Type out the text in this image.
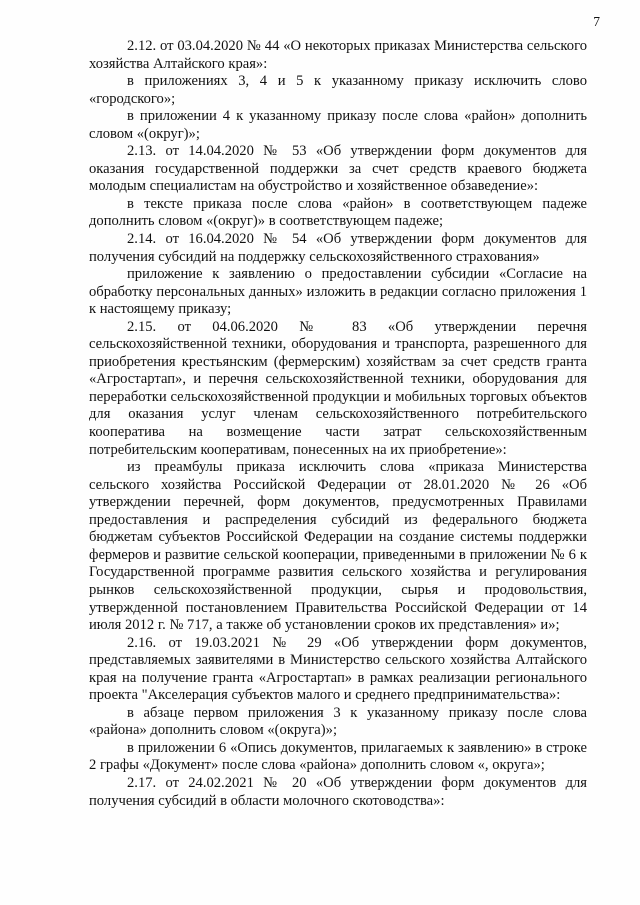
7

2.12. от 03.04.2020 № 44 «О некоторых приказах Министерства сельского хозяйства Алтайского края»:

в приложениях 3, 4 и 5 к указанному приказу исключить слово «городского»;

в приложении 4 к указанному приказу после слова «район» дополнить словом «(округ)»;

2.13. от 14.04.2020 № 53 «Об утверждении форм документов для оказания государственной поддержки за счет средств краевого бюджета молодым специалистам на обустройство и хозяйственное обзаведение»:

в тексте приказа после слова «район» в соответствующем падеже дополнить словом «(округ)» в соответствующем падеже;

2.14. от 16.04.2020 № 54 «Об утверждении форм документов для получения субсидий на поддержку сельскохозяйственного страхования»

приложение к заявлению о предоставлении субсидии «Согласие на обработку персональных данных» изложить в редакции согласно приложения 1 к настоящему приказу;

2.15. от 04.06.2020 № 83 «Об утверждении перечня сельскохозяйственной техники, оборудования и транспорта, разрешенного для приобретения крестьянским (фермерским) хозяйствам за счет средств гранта «Агростартап», и перечня сельскохозяйственной техники, оборудования для переработки сельскохозяйственной продукции и мобильных торговых объектов для оказания услуг членам сельскохозяйственного потребительского кооператива на возмещение части затрат сельскохозяйственным потребительским кооперативам, понесенных на их приобретение»:

из преамбулы приказа исключить слова «приказа Министерства сельского хозяйства Российской Федерации от 28.01.2020 № 26 «Об утверждении перечней, форм документов, предусмотренных Правилами предоставления и распределения субсидий из федерального бюджета бюджетам субъектов Российской Федерации на создание системы поддержки фермеров и развитие сельской кооперации, приведенными в приложении № 6 к Государственной программе развития сельского хозяйства и регулирования рынков сельскохозяйственной продукции, сырья и продовольствия, утвержденной постановлением Правительства Российской Федерации от 14 июля 2012 г. № 717, а также об установлении сроков их представления» и»;

2.16. от 19.03.2021 № 29 «Об утверждении форм документов, представляемых заявителями в Министерство сельского хозяйства Алтайского края на получение гранта «Агростартап» в рамках реализации регионального проекта "Акселерация субъектов малого и среднего предпринимательства»:

в абзаце первом приложения 3 к указанному приказу после слова «района» дополнить словом «(округа)»;

в приложении 6 «Опись документов, прилагаемых к заявлению» в строке 2 графы «Документ» после слова «района» дополнить словом «, округа»;

2.17. от 24.02.2021 № 20 «Об утверждении форм документов для получения субсидий в области молочного скотоводства»:
